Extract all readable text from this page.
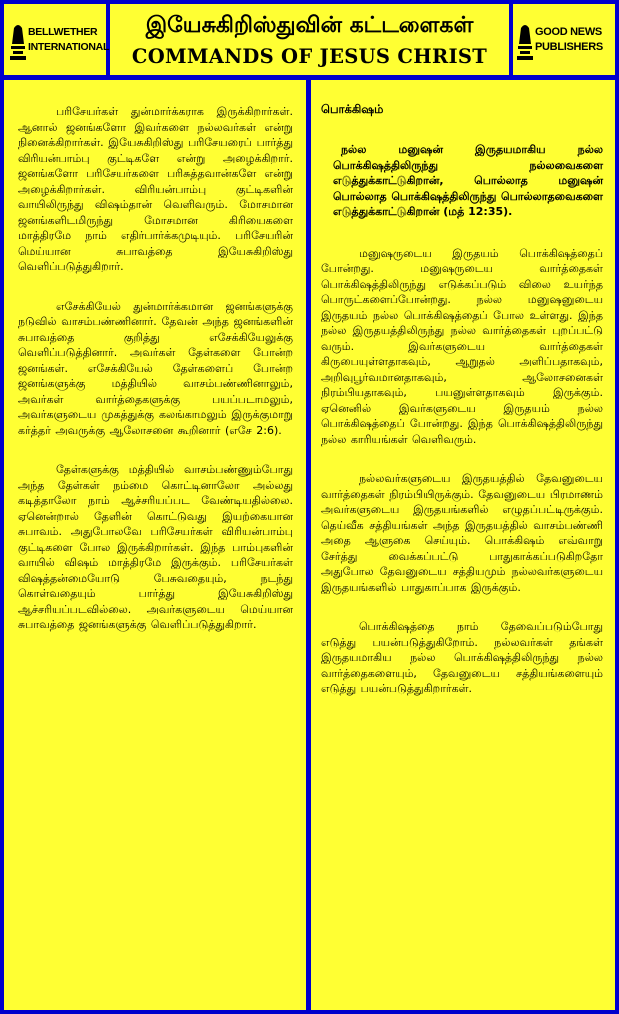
BELLWETHER
INTERNATIONAL
இயேசுகிறிஸ்துவின் கட்டளைகள்
COMMANDS OF JESUS CHRIST
GOOD NEWS
PUBLISHERS

பரிசேயர்கள் துன்மார்க்கராக இருக்கிறார்கள். ஆனால் ஜனங்களோ இவர்களை நல்லவர்கள் என்று நினைக்கிறார்கள். இயேசுகிறிஸ்து பரிசேயரைப் பார்த்து விரியன்பாம்பு குட்டிகளே என்று அழைக்கிறார். ஜனங்களோ பரிசேயர்களை பரிசுத்தவான்களே என்று அழைக்கிறார்கள். விரியன்பாம்பு குட்டிகளின் வாயிலிருந்து விஷம்தான் வெளிவரும். மோசமான ஜனங்களிடமிருந்து மோசமான கிரியைகளை மாத்திரமே நாம் எதிர்பார்க்கமுடியும். பரிசேயரின் மெய்யான சுபாவத்தை இயேசுகிறிஸ்து வெளிப்படுத்துகிறார்.

எசேக்கியேல் துன்மார்க்கமான ஜனங்களுக்கு நடுவில் வாசம்பண்ணினார். தேவன் அந்த ஜனங்களின் சுபாவத்தை குறித்து எசேக்கியேலுக்கு வெளிப்படுத்தினார். அவர்கள் தேள்களை போன்ற ஜனங்கள். எசேக்கியேல் தேள்களைப் போன்ற ஜனங்களுக்கு மத்தியில் வாசம்பண்ணினாலும், அவர்கள் வார்த்தைகளுக்கு பயப்படாமலும், அவர்களுடைய முகத்துக்கு கலங்காமலும் இருக்குமாறு கர்த்தர் அவருக்கு ஆலோசனை கூறினார் (எசே 2:6).

தேள்களுக்கு மத்தியில் வாசம்பண்ணும்போது அந்த தேள்கள் நம்மை கொட்டினாலோ அல்லது கடித்தாலோ நாம் ஆச்சரியப்பட வேண்டியதில்லை. ஏனென்றால் தேளின் கொட்டுவது இயற்கையான சுபாவம். அதுபோலவே பரிசேயர்கள் விரியன்பாம்பு குட்டிகளை போல இருக்கிறார்கள். இந்த பாம்புகளின் வாயில் விஷம் மாத்திரமே இருக்கும். பரிசேயர்கள் விஷத்தன்மையோடு பேசுவதையும், நடந்து கொள்வதையும் பார்த்து இயேசுகிறிஸ்து ஆச்சரியப்படவில்லை. அவர்களுடைய மெய்யான சுபாவத்தை ஜனங்களுக்கு வெளிப்படுத்துகிறார்.

பொக்கிஷம்

நல்ல மனுஷன் இருதயமாகிய நல்ல பொக்கிஷத்திலிருந்து நல்லவைகளை எடுத்துக்காட்டுகிறான், பொல்லாத மனுஷன் பொல்லாத பொக்கிஷத்திலிருந்து பொல்லாதவைகளை எடுத்துக்காட்டுகிறான் (மத் 12:35).

மனுஷருடைய இருதயம் பொக்கிஷத்தைப் போன்றது. மனுஷருடைய வார்த்தைகள் பொக்கிஷத்திலிருந்து எடுக்கப்படும் விலை உயர்ந்த பொருட்களைப்போன்றது. நல்ல மனுஷனுடைய இருதயம் நல்ல பொக்கிஷத்தைப் போல உள்ளது. இந்த நல்ல இருதயத்திலிருந்து நல்ல வார்த்தைகள் புறப்பட்டு வரும். இவர்களுடைய வார்த்தைகள் கிருபையுள்ளதாகவும், ஆறுதல் அளிப்பதாகவும், அறிவுபூர்வமானதாகவும், ஆலோசனைகள் நிரம்பியதாகவும், பயனுள்ளதாகவும் இருக்கும். ஏனெனில் இவர்களுடைய இருதயம் நல்ல பொக்கிஷத்தைப் போன்றது. இந்த பொக்கிஷத்திலிருந்து நல்ல காரியங்கள் வெளிவரும்.

நல்லவர்களுடைய இருதயத்தில் தேவனுடைய வார்த்தைகள் நிரம்பியிருக்கும். தேவனுடைய பிரமாணம் அவர்களுடைய இருதயங்களில் எழுதப்பட்டிருக்கும். தெய்வீக சத்தியங்கள் அந்த இருதயத்தில் வாசம்பண்ணி அதை ஆளுகை செய்யும். பொக்கிஷம் எவ்வாறு சேர்த்து வைக்கப்பட்டு பாதுகாக்கப்படுகிறதோ அதுபோல தேவனுடைய சத்தியமும் நல்லவர்களுடைய இருதயங்களில் பாதுகாப்பாக இருக்கும்.

பொக்கிஷத்தை நாம் தேவைப்படும்போது எடுத்து பயன்படுத்துகிறோம். நல்லவர்கள் தங்கள் இருதயமாகிய நல்ல பொக்கிஷத்திலிருந்து நல்ல வார்த்தைகளையும், தேவனுடைய சத்தியங்களையும் எடுத்து பயன்படுத்துகிறார்கள்.
